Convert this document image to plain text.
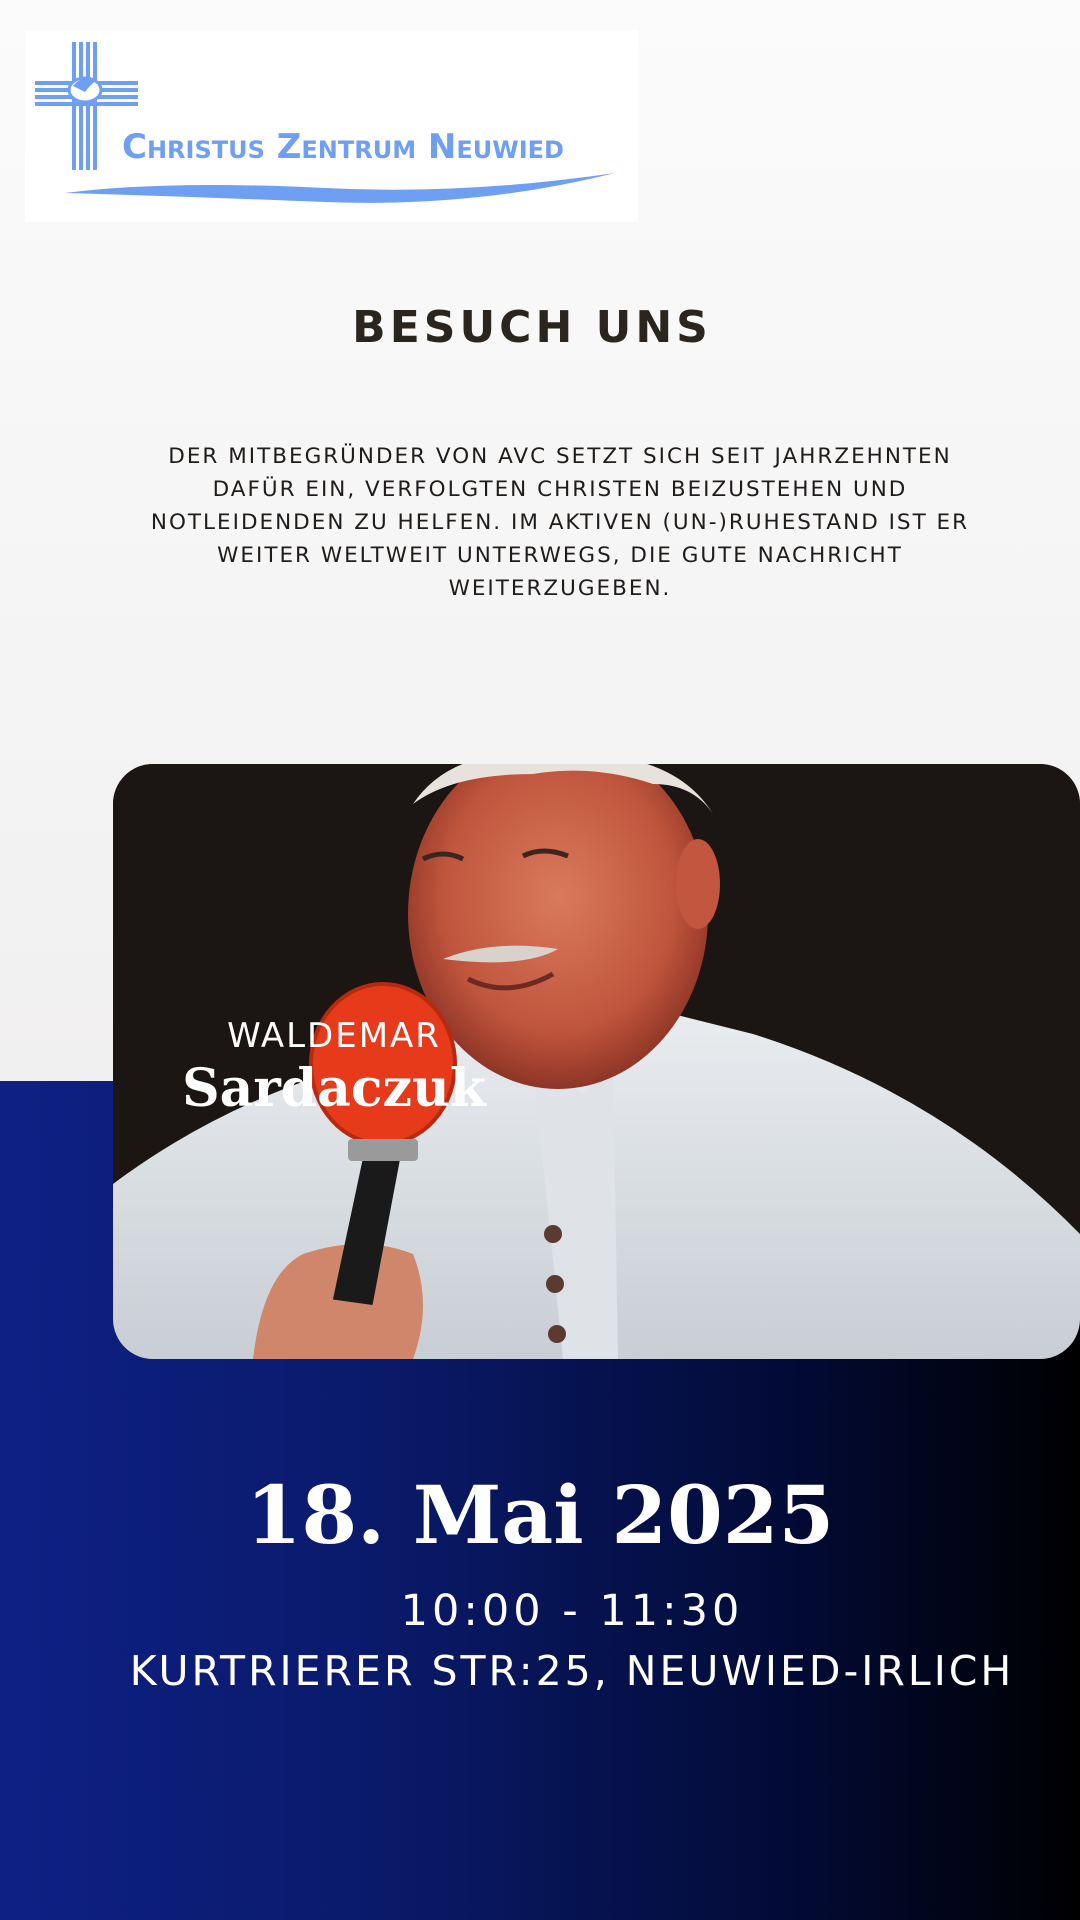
Christus Zentrum Neuwied
BESUCH UNS
DER MITBEGRÜNDER VON AVC SETZT SICH SEIT JAHRZEHNTEN DAFÜR EIN, VERFOLGTEN CHRISTEN BEIZUSTEHEN UND NOTLEIDENDEN ZU HELFEN. IM AKTIVEN (UN-)RUHESTAND IST ER WEITER WELTWEIT UNTERWEGS, DIE GUTE NACHRICHT WEITERZUGEBEN.
WALDEMAR
Sardaczuk
18. Mai 2025
10:00 - 11:30
KURTRIERER STR:25, NEUWIED-IRLICH
